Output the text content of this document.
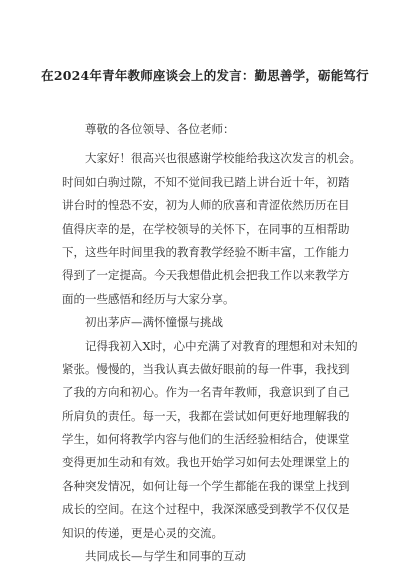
在2024年青年教师座谈会上的发言：勤思善学，砺能笃行
　　尊敬的各位领导、各位老师：
　　大家好！很高兴也很感谢学校能给我这次发言的机会。
时间如白驹过隙，不知不觉间我已踏上讲台近十年，初踏
讲台时的惶恐不安，初为人师的欣喜和青涩依然历历在目
值得庆幸的是，在学校领导的关怀下，在同事的互相帮助
下，这些年时间里我的教育教学经验不断丰富，工作能力
得到了一定提高。今天我想借此机会把我工作以来教学方
面的一些感悟和经历与大家分享。
　　初出茅庐—满怀憧憬与挑战
　　记得我初入X时，心中充满了对教育的理想和对未知的
紧张。慢慢的，当我认真去做好眼前的每一件事，我找到
了我的方向和初心。作为一名青年教师，我意识到了自己
所肩负的责任。每一天，我都在尝试如何更好地理解我的
学生，如何将教学内容与他们的生活经验相结合，使课堂
变得更加生动和有效。我也开始学习如何去处理课堂上的
各种突发情况，如何让每一个学生都能在我的课堂上找到
成长的空间。在这个过程中，我深深感受到教学不仅仅是
知识的传递，更是心灵的交流。
　　共同成长—与学生和同事的互动
